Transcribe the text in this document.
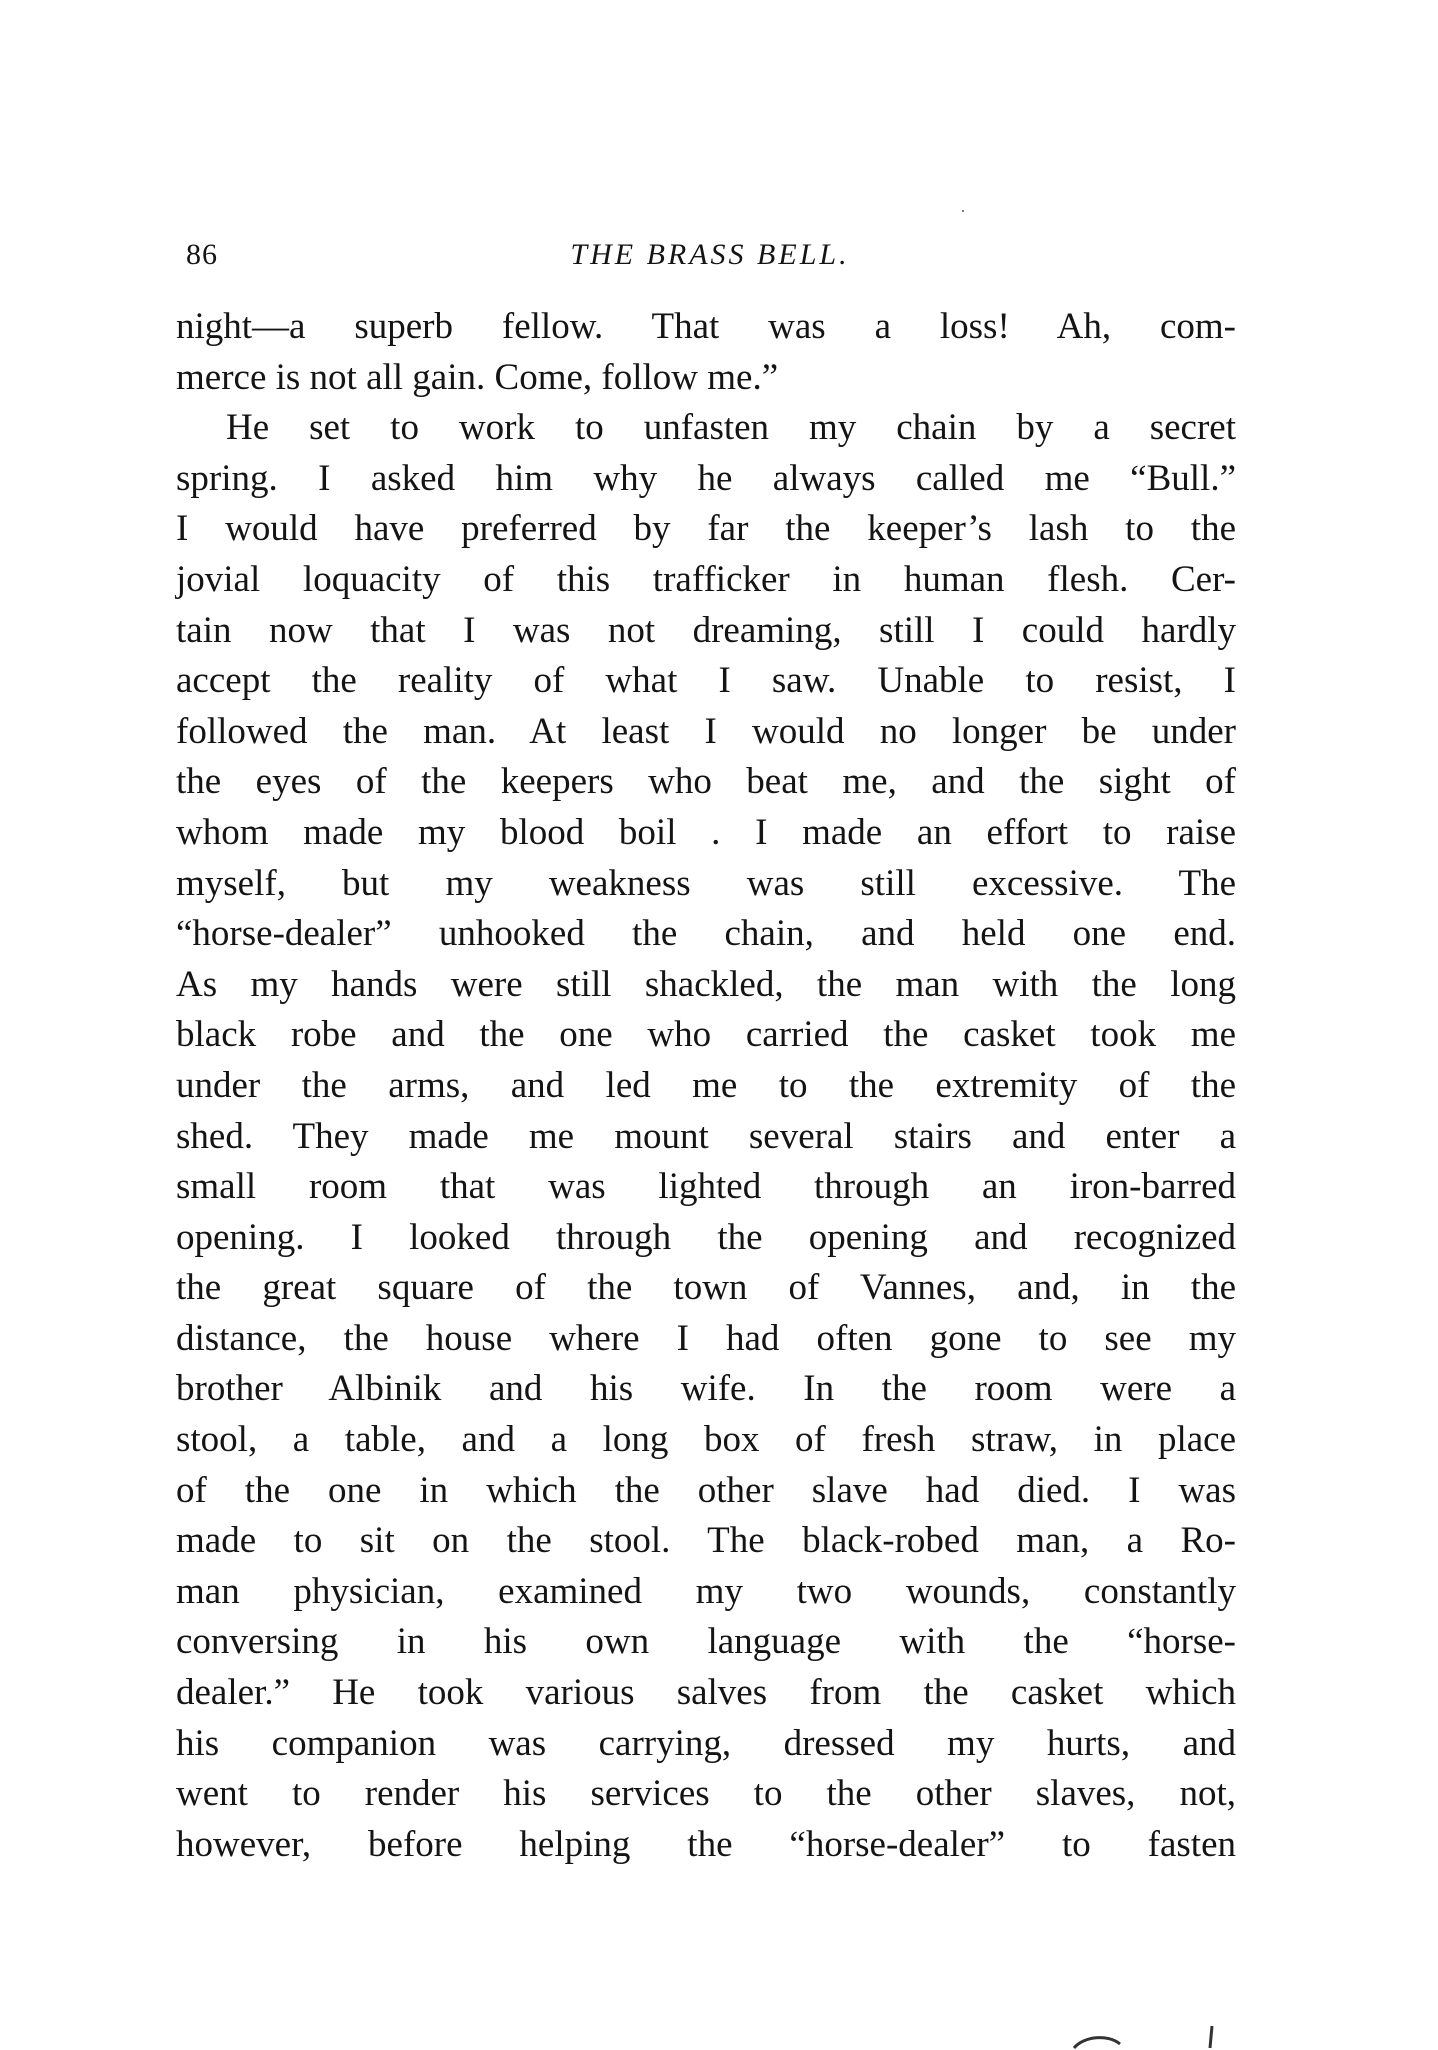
86	THE BRASS BELL.
night—a superb fellow. That was a loss! Ah, com-
merce is not all gain. Come, follow me.”
He set to work to unfasten my chain by a secret
spring. I asked him why he always called me “Bull.”
I would have preferred by far the keeper’s lash to the
jovial loquacity of this trafficker in human flesh. Cer-
tain now that I was not dreaming, still I could hardly
accept the reality of what I saw. Unable to resist, I
followed the man. At least I would no longer be under
the eyes of the keepers who beat me, and the sight of
whom made my blood boil . I made an effort to raise
myself, but my weakness was still excessive. The
“horse-dealer” unhooked the chain, and held one end.
As my hands were still shackled, the man with the long
black robe and the one who carried the casket took me
under the arms, and led me to the extremity of the
shed. They made me mount several stairs and enter a
small room that was lighted through an iron-barred
opening. I looked through the opening and recognized
the great square of the town of Vannes, and, in the
distance, the house where I had often gone to see my
brother Albinik and his wife. In the room were a
stool, a table, and a long box of fresh straw, in place
of the one in which the other slave had died. I was
made to sit on the stool. The black-robed man, a Ro-
man physician, examined my two wounds, constantly
conversing in his own language with the “horse-
dealer.” He took various salves from the casket which
his companion was carrying, dressed my hurts, and
went to render his services to the other slaves, not,
however, before helping the “horse-dealer” to fasten
